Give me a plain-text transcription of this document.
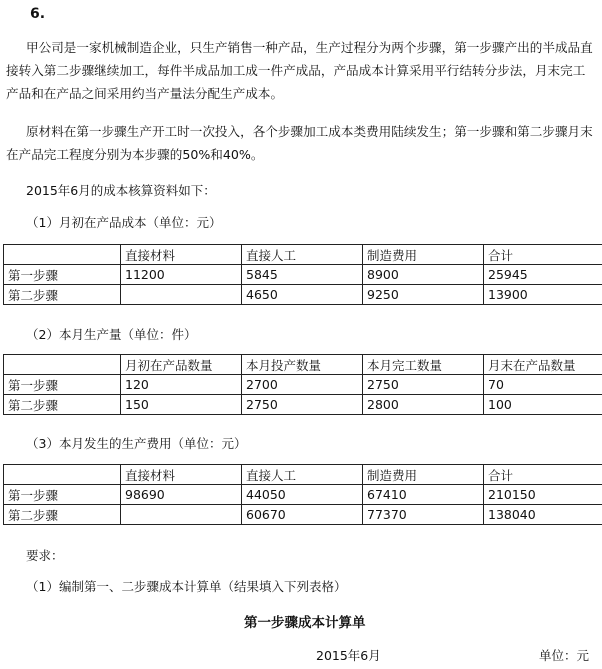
6.
甲公司是一家机械制造企业，只生产销售一种产品，生产过程分为两个步骤，第一步骤产出的半成品直接转入第二步骤继续加工，每件半成品加工成一件产成品，产品成本计算采用平行结转分步法，月末完工产品和在产品之间采用约当产量法分配生产成本。
原材料在第一步骤生产开工时一次投入，各个步骤加工成本类费用陆续发生；第一步骤和第二步骤月末在产品完工程度分别为本步骤的50%和40%。
2015年6月的成本核算资料如下：
（1）月初在产品成本（单位：元）
	直接材料	直接人工	制造费用	合计
第一步骤	11200	5845	8900	25945
第二步骤		4650	9250	13900
（2）本月生产量（单位：件）
	月初在产品数量	本月投产数量	本月完工数量	月末在产品数量
第一步骤	120	2700	2750	70
第二步骤	150	2750	2800	100
（3）本月发生的生产费用（单位：元）
	直接材料	直接人工	制造费用	合计
第一步骤	98690	44050	67410	210150
第二步骤		60670	77370	138040
要求：
（1）编制第一、二步骤成本计算单（结果填入下列表格）
第一步骤成本计算单
2015年6月	单位：元
